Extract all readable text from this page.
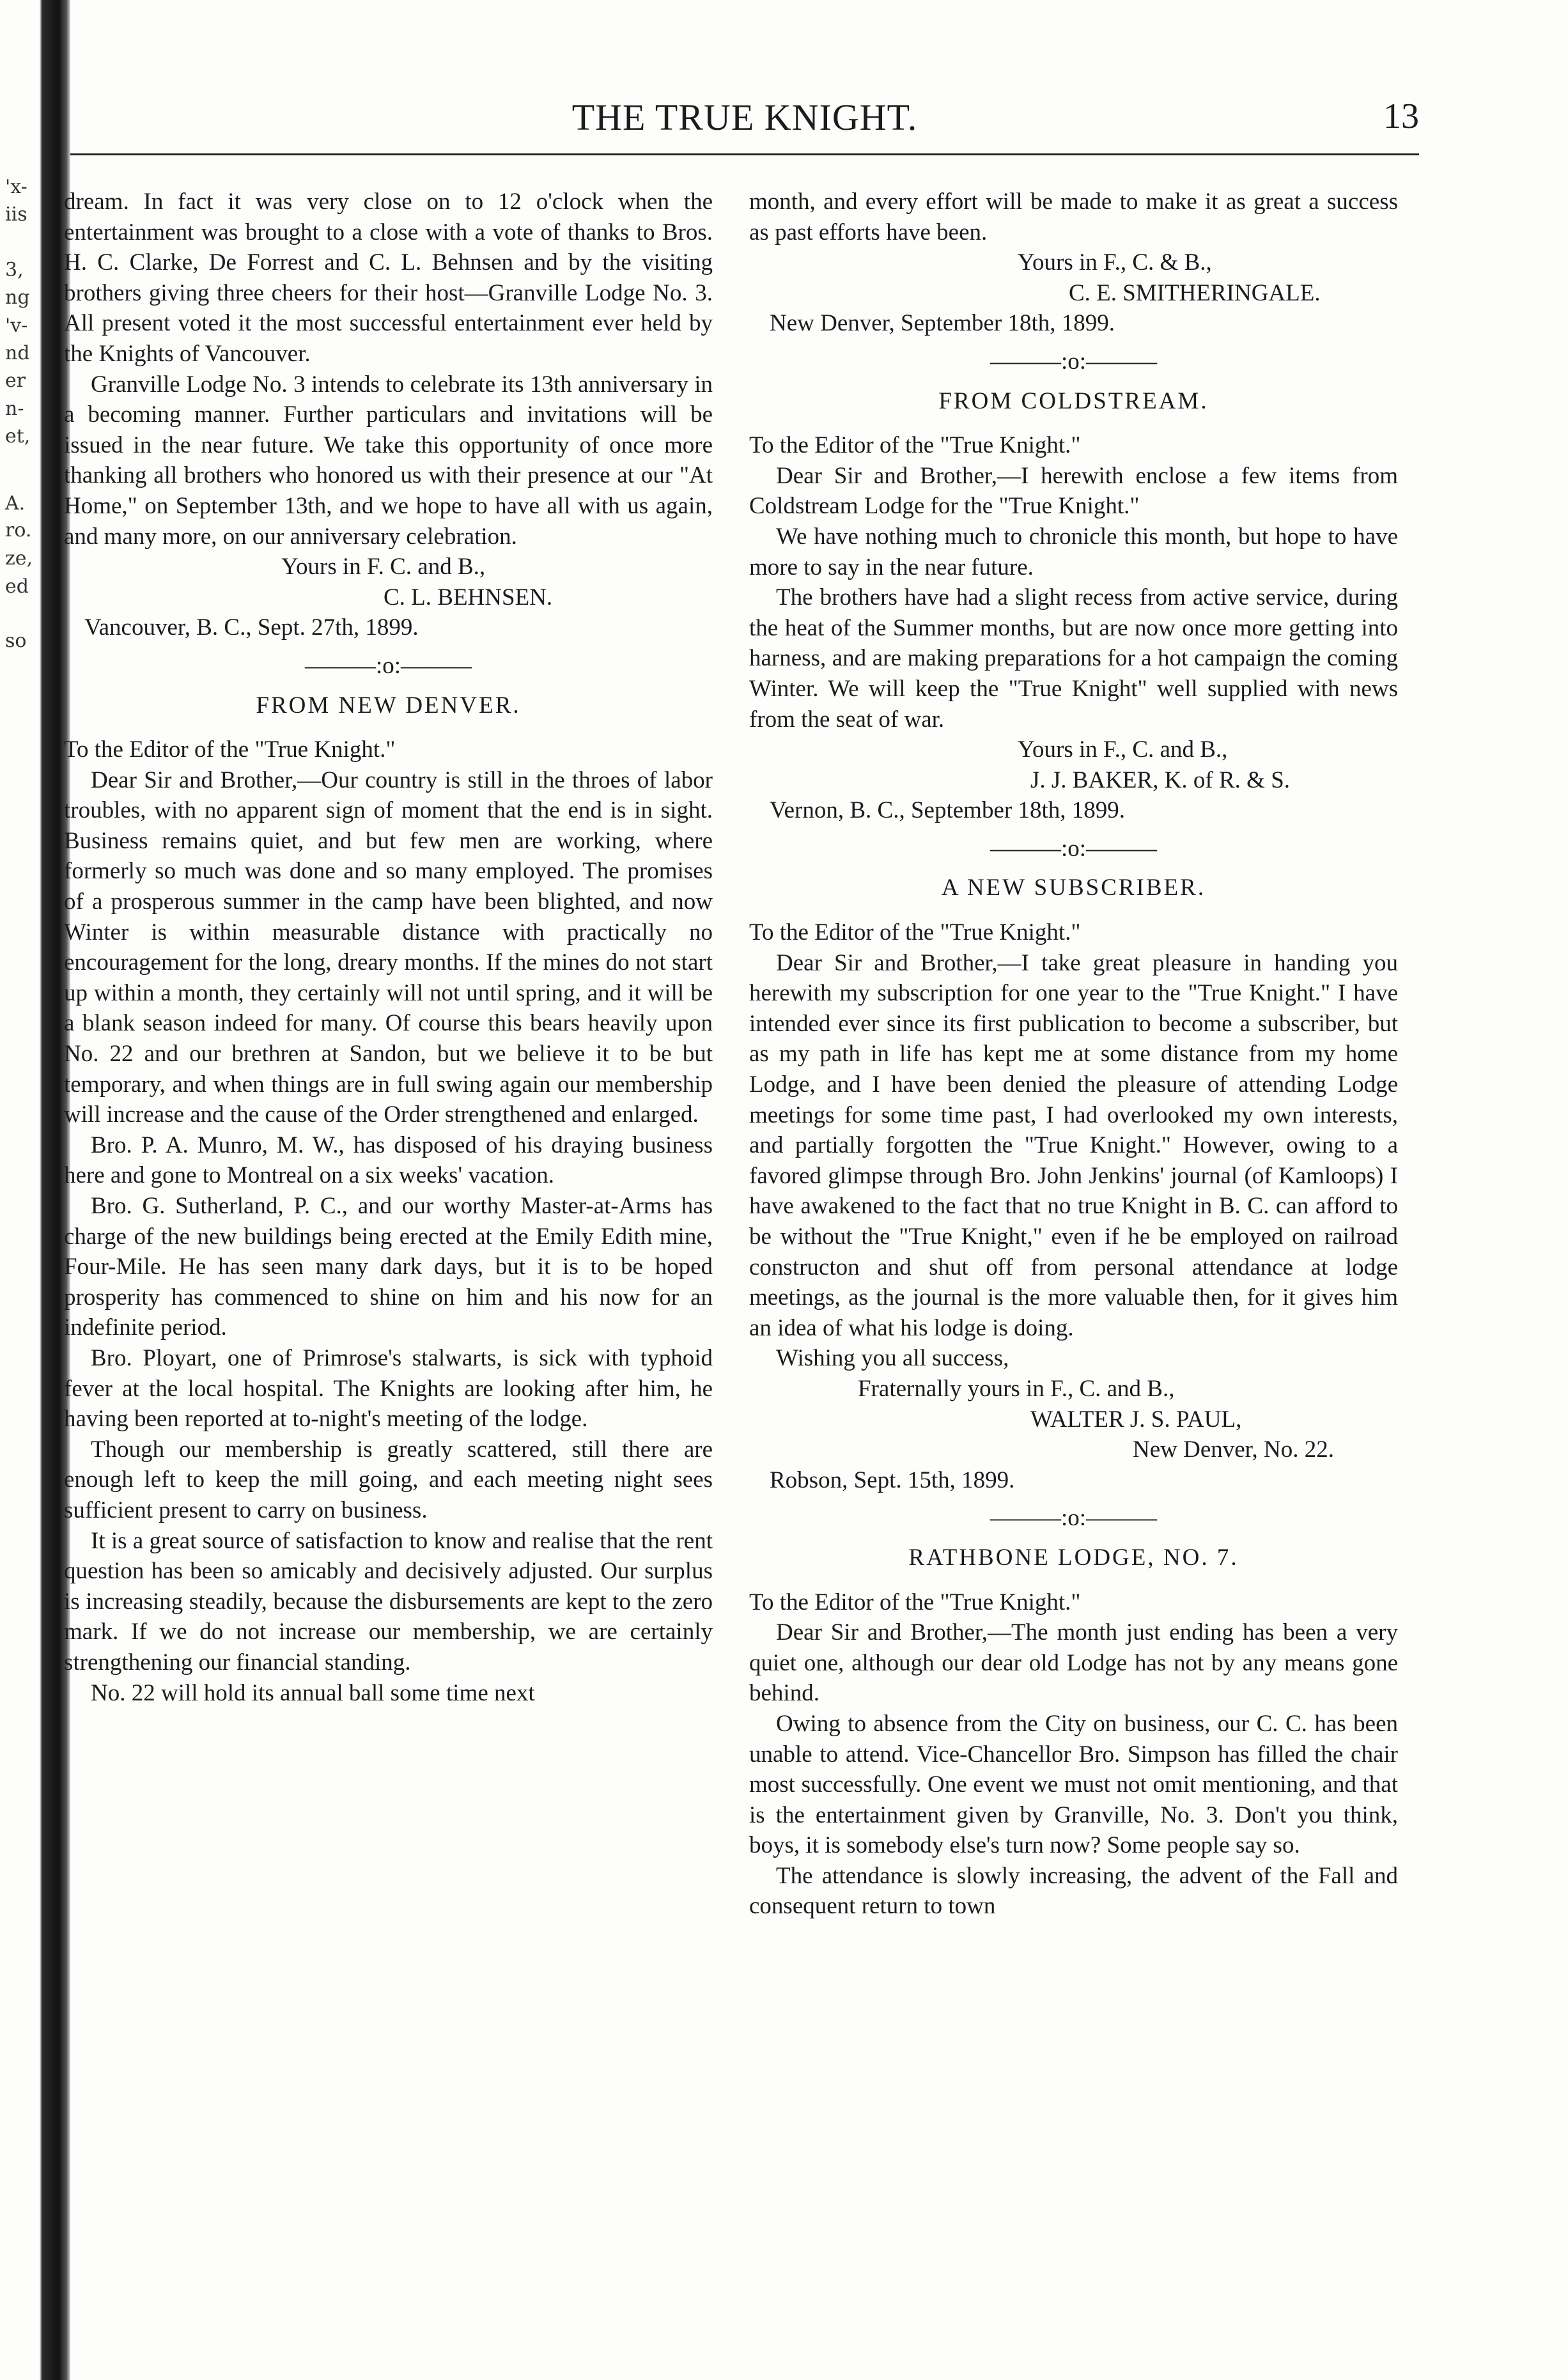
'x-
iis
3,
ng
'v-
nd
er
n-
et,
A.
ro.
ze,
ed
so
THE TRUE KNIGHT.	13

dream. In fact it was very close on to 12 o'clock when the entertainment was brought to a close with a vote of thanks to Bros. H. C. Clarke, De Forrest and C. L. Behnsen and by the visiting brothers giving three cheers for their host—Granville Lodge No. 3. All present voted it the most successful entertainment ever held by the Knights of Vancouver.

Granville Lodge No. 3 intends to celebrate its 13th anniversary in a becoming manner. Further particulars and invitations will be issued in the near future. We take this opportunity of once more thanking all brothers who honored us with their presence at our "At Home," on September 13th, and we hope to have all with us again, and many more, on our anniversary celebration.

Yours in F. C. and B.,

C. L. BEHNSEN.

Vancouver, B. C., Sept. 27th, 1899.

———:o:———

FROM NEW DENVER.

To the Editor of the "True Knight."

Dear Sir and Brother,—Our country is still in the throes of labor troubles, with no apparent sign of moment that the end is in sight. Business remains quiet, and but few men are working, where formerly so much was done and so many employed. The promises of a prosperous summer in the camp have been blighted, and now Winter is within measurable distance with practically no encouragement for the long, dreary months. If the mines do not start up within a month, they certainly will not until spring, and it will be a blank season indeed for many. Of course this bears heavily upon No. 22 and our brethren at Sandon, but we believe it to be but temporary, and when things are in full swing again our membership will increase and the cause of the Order strengthened and enlarged.

Bro. P. A. Munro, M. W., has disposed of his draying business here and gone to Montreal on a six weeks' vacation.

Bro. G. Sutherland, P. C., and our worthy Master-at-Arms has charge of the new buildings being erected at the Emily Edith mine, Four-Mile. He has seen many dark days, but it is to be hoped prosperity has commenced to shine on him and his now for an indefinite period.

Bro. Ployart, one of Primrose's stalwarts, is sick with typhoid fever at the local hospital. The Knights are looking after him, he having been reported at to-night's meeting of the lodge.

Though our membership is greatly scattered, still there are enough left to keep the mill going, and each meeting night sees sufficient present to carry on business.

It is a great source of satisfaction to know and realise that the rent question has been so amicably and decisively adjusted. Our surplus is increasing steadily, because the disbursements are kept to the zero mark. If we do not increase our membership, we are certainly strengthening our financial standing.

No. 22 will hold its annual ball some time next

month, and every effort will be made to make it as great a success as past efforts have been.

Yours in F., C. & B.,

C. E. SMITHERINGALE.

New Denver, September 18th, 1899.

———:o:———

FROM COLDSTREAM.

To the Editor of the "True Knight."

Dear Sir and Brother,—I herewith enclose a few items from Coldstream Lodge for the "True Knight."

We have nothing much to chronicle this month, but hope to have more to say in the near future.

The brothers have had a slight recess from active service, during the heat of the Summer months, but are now once more getting into harness, and are making preparations for a hot campaign the coming Winter. We will keep the "True Knight" well supplied with news from the seat of war.

Yours in F., C. and B.,

J. J. BAKER, K. of R. & S.

Vernon, B. C., September 18th, 1899.

———:o:———

A NEW SUBSCRIBER.

To the Editor of the "True Knight."

Dear Sir and Brother,—I take great pleasure in handing you herewith my subscription for one year to the "True Knight." I have intended ever since its first publication to become a subscriber, but as my path in life has kept me at some distance from my home Lodge, and I have been denied the pleasure of attending Lodge meetings for some time past, I had overlooked my own interests, and partially forgotten the "True Knight." However, owing to a favored glimpse through Bro. John Jenkins' journal (of Kamloops) I have awakened to the fact that no true Knight in B. C. can afford to be without the "True Knight," even if he be employed on railroad constructon and shut off from personal attendance at lodge meetings, as the journal is the more valuable then, for it gives him an idea of what his lodge is doing.

Wishing you all success,

Fraternally yours in F., C. and B.,

WALTER J. S. PAUL,

New Denver, No. 22.

Robson, Sept. 15th, 1899.

———:o:———

RATHBONE LODGE, NO. 7.

To the Editor of the "True Knight."

Dear Sir and Brother,—The month just ending has been a very quiet one, although our dear old Lodge has not by any means gone behind.

Owing to absence from the City on business, our C. C. has been unable to attend. Vice-Chancellor Bro. Simpson has filled the chair most successfully. One event we must not omit mentioning, and that is the entertainment given by Granville, No. 3. Don't you think, boys, it is somebody else's turn now? Some people say so.

The attendance is slowly increasing, the advent of the Fall and consequent return to town
